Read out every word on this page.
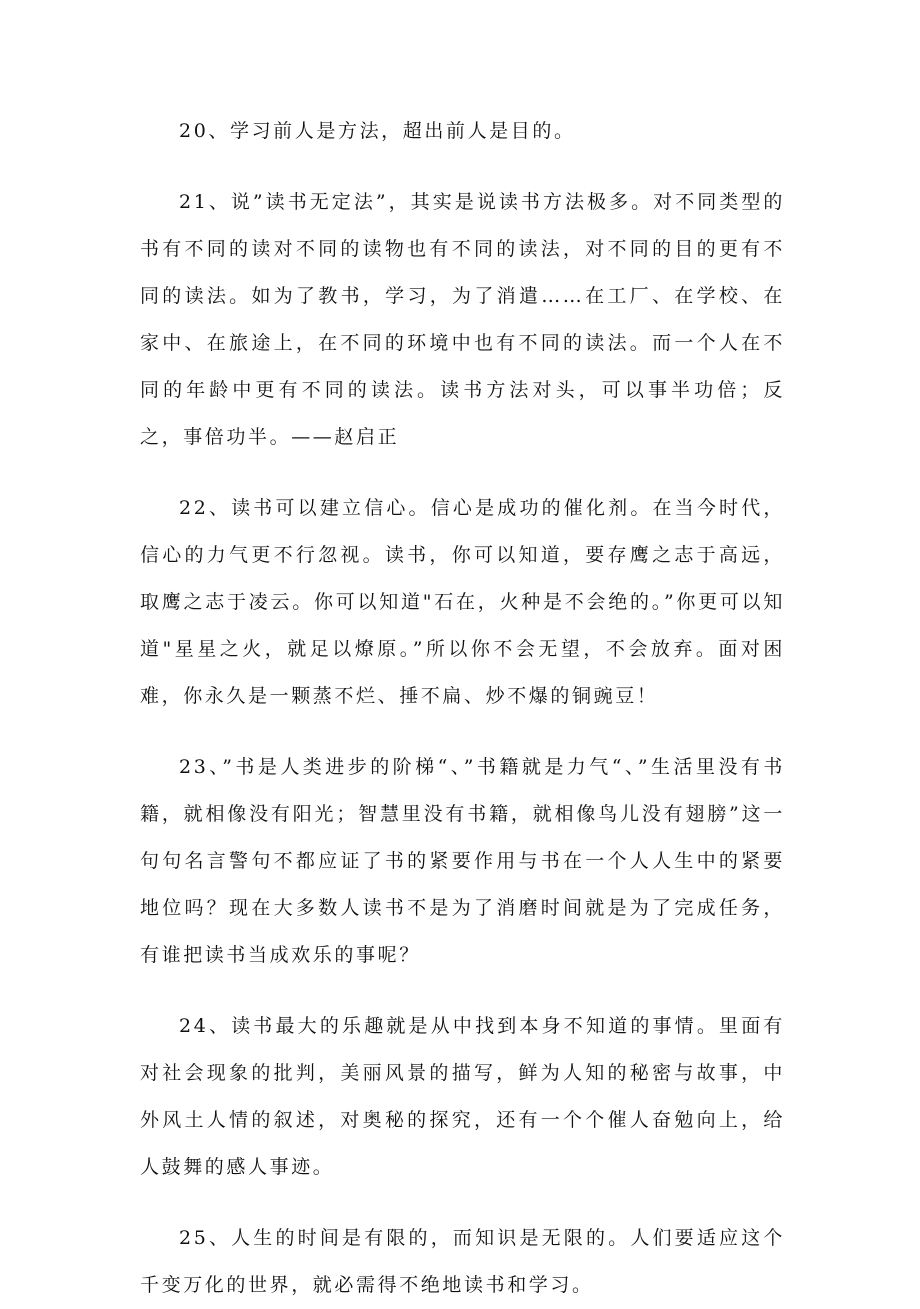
20、学习前人是方法，超出前人是目的。

21、说”读书无定法”，其实是说读书方法极多。对不同类型的书有不同的读对不同的读物也有不同的读法，对不同的目的更有不同的读法。如为了教书，学习，为了消遣……在工厂、在学校、在家中、在旅途上，在不同的环境中也有不同的读法。而一个人在不同的年龄中更有不同的读法。读书方法对头，可以事半功倍；反之，事倍功半。——赵启正

22、读书可以建立信心。信心是成功的催化剂。在当今时代，信心的力气更不行忽视。读书，你可以知道，要存鹰之志于高远，取鹰之志于凌云。你可以知道"石在，火种是不会绝的。”你更可以知道"星星之火，就足以燎原。”所以你不会无望，不会放弃。面对困难，你永久是一颗蒸不烂、捶不扁、炒不爆的铜豌豆！

23、”书是人类进步的阶梯“、”书籍就是力气“、”生活里没有书籍，就相像没有阳光；智慧里没有书籍，就相像鸟儿没有翅膀”这一句句名言警句不都应证了书的紧要作用与书在一个人人生中的紧要地位吗？现在大多数人读书不是为了消磨时间就是为了完成任务，有谁把读书当成欢乐的事呢？

24、读书最大的乐趣就是从中找到本身不知道的事情。里面有对社会现象的批判，美丽风景的描写，鲜为人知的秘密与故事，中外风土人情的叙述，对奥秘的探究，还有一个个催人奋勉向上，给人鼓舞的感人事迹。

25、人生的时间是有限的，而知识是无限的。人们要适应这个千变万化的世界，就必需得不绝地读书和学习。
